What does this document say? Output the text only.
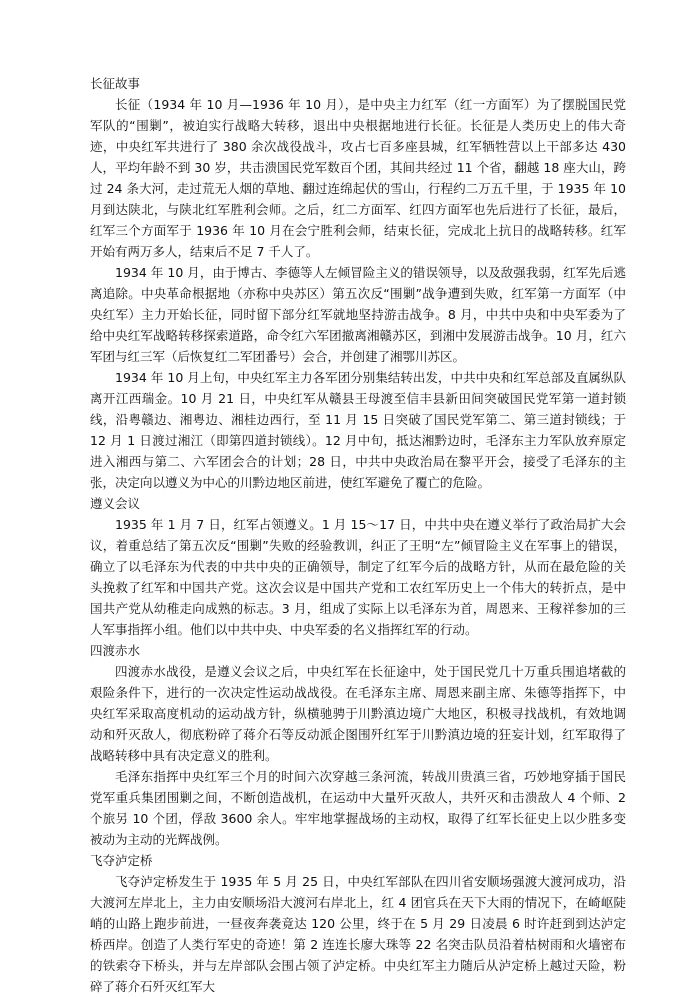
长征故事

长征（1934 年 10 月—1936 年 10 月），是中央主力红军（红一方面军）为了摆脱国民党军队的“围剿”，被迫实行战略大转移，退出中央根据地进行长征。长征是人类历史上的伟大奇迹，中央红军共进行了 380 余次战役战斗，攻占七百多座县城，红军牺牲营以上干部多达 430 人，平均年龄不到 30 岁，共击溃国民党军数百个团，其间共经过 11 个省，翻越 18 座大山，跨过 24 条大河，走过荒无人烟的草地、翻过连绵起伏的雪山，行程约二万五千里，于 1935 年 10 月到达陕北，与陕北红军胜利会师。之后，红二方面军、红四方面军也先后进行了长征，最后，红军三个方面军于 1936 年 10 月在会宁胜利会师，结束长征，完成北上抗日的战略转移。红军开始有两万多人，结束后不足 7 千人了。

1934 年 10 月，由于博古、李德等人左倾冒险主义的错误领导，以及敌强我弱，红军先后逃离追除。中央革命根据地（亦称中央苏区）第五次反“围剿”战争遭到失败，红军第一方面军（中央红军）主力开始长征，同时留下部分红军就地坚持游击战争。8 月，中共中央和中央军委为了给中央红军战略转移探索道路，命令红六军团撤离湘赣苏区，到湘中发展游击战争。10 月，红六军团与红三军（后恢复红二军团番号）会合，并创建了湘鄂川苏区。

1934 年 10 月上旬，中央红军主力各军团分别集结转出发，中共中央和红军总部及直属纵队离开江西瑞金。10 月 21 日，中央红军从赣县王母渡至信丰县新田间突破国民党军第一道封锁线，沿粤赣边、湘粤边、湘桂边西行，至 11 月 15 日突破了国民党军第二、第三道封锁线；于 12 月 1 日渡过湘江（即第四道封锁线）。12 月中旬，抵达湘黔边时，毛泽东主力军队放弃原定进入湘西与第二、六军团会合的计划；28 日，中共中央政治局在黎平开会，接受了毛泽东的主张，决定向以遵义为中心的川黔边地区前进，使红军避免了覆亡的危险。

遵义会议

1935 年 1 月 7 日，红军占领遵义。1 月 15～17 日，中共中央在遵义举行了政治局扩大会议，着重总结了第五次反“围剿”失败的经验教训，纠正了王明“左”倾冒险主义在军事上的错误，确立了以毛泽东为代表的中共中央的正确领导，制定了红军今后的战略方针，从而在最危险的关头挽救了红军和中国共产党。这次会议是中国共产党和工农红军历史上一个伟大的转折点，是中国共产党从幼稚走向成熟的标志。3 月，组成了实际上以毛泽东为首，周恩来、王稼祥参加的三人军事指挥小组。他们以中共中央、中央军委的名义指挥红军的行动。

四渡赤水

四渡赤水战役，是遵义会议之后，中央红军在长征途中，处于国民党几十万重兵围追堵截的艰险条件下，进行的一次决定性运动战战役。在毛泽东主席、周恩来副主席、朱德等指挥下，中央红军采取高度机动的运动战方针，纵横驰骋于川黔滇边境广大地区，积极寻找战机，有效地调动和歼灭敌人，彻底粉碎了蒋介石等反动派企图围歼红军于川黔滇边境的狂妄计划，红军取得了战略转移中具有决定意义的胜利。

毛泽东指挥中央红军三个月的时间六次穿越三条河流，转战川贵滇三省，巧妙地穿插于国民党军重兵集团围剿之间，不断创造战机，在运动中大量歼灭敌人，共歼灭和击溃敌人 4 个师、2 个旅另 10 个团，俘敌 3600 余人。牢牢地掌握战场的主动权，取得了红军长征史上以少胜多变被动为主动的光辉战例。

飞夺泸定桥

飞夺泸定桥发生于 1935 年 5 月 25 日，中央红军部队在四川省安顺场强渡大渡河成功，沿大渡河左岸北上，主力由安顺场沿大渡河右岸北上，红 4 团官兵在天下大雨的情况下，在崎岖陡峭的山路上跑步前进，一昼夜奔袭竟达 120 公里，终于在 5 月 29 日凌晨 6 时许赶到到达泸定桥西岸。创造了人类行军史的奇迹！第 2 连连长廖大珠等 22 名突击队员沿着枯树雨和火墙密布的铁索夺下桥头，并与左岸部队会围占领了泸定桥。中央红军主力随后从泸定桥上越过天险，粉碎了蒋介石歼灭红军大
